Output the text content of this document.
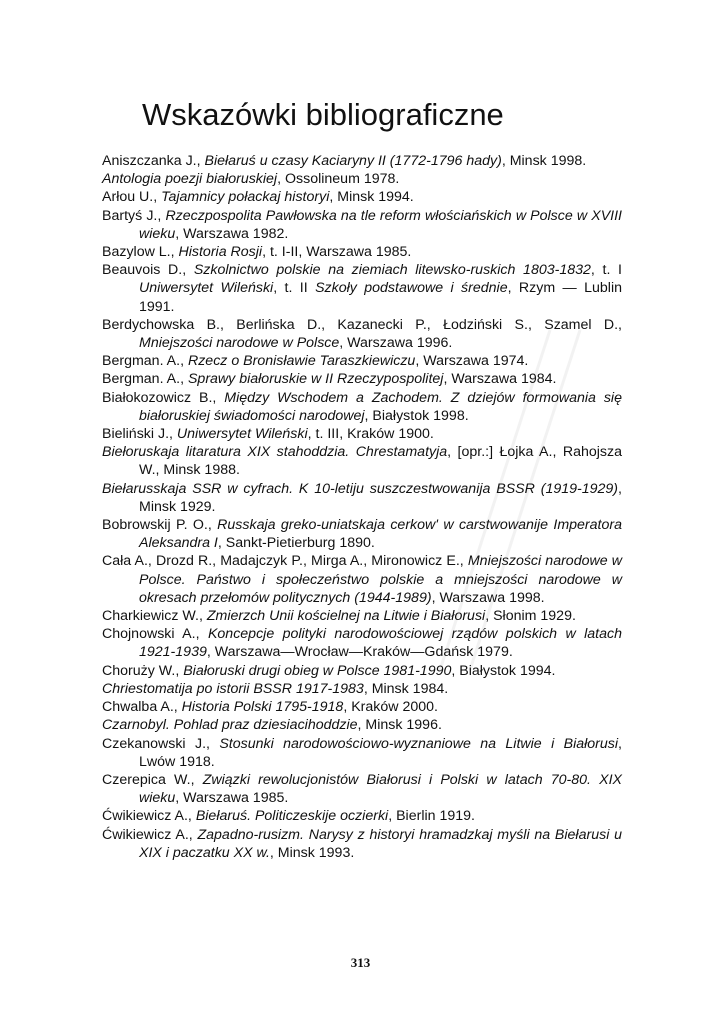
Wskazówki bibliograficzne

Aniszczanka J., Biełaruś u czasy Kaciaryny II (1772-1796 hady), Minsk 1998.

Antologia poezji białoruskiej, Ossolineum 1978.

Arłou U., Tajamnicy połackaj historyi, Minsk 1994.

Bartyś J., Rzeczpospolita Pawłowska na tle reform włościańskich w Polsce w XVIII wieku, Warszawa 1982.

Bazylow L., Historia Rosji, t. I-II, Warszawa 1985.

Beauvois D., Szkolnictwo polskie na ziemiach litewsko-ruskich 1803-1832, t. I Uniwersytet Wileński, t. II Szkoły podstawowe i średnie, Rzym — Lublin 1991.

Berdychowska B., Berlińska D., Kazanecki P., Łodziński S., Szamel D., Mniejszości narodowe w Polsce, Warszawa 1996.

Bergman. A., Rzecz o Bronisławie Taraszkiewiczu, Warszawa 1974.

Bergman. A., Sprawy białoruskie w II Rzeczypospolitej, Warszawa 1984.

Białokozowicz B., Między Wschodem a Zachodem. Z dziejów formowania się białoruskiej świadomości narodowej, Białystok 1998.

Bieliński J., Uniwersytet Wileński, t. III, Kraków 1900.

Biełoruskaja litaratura XIX stahoddzia. Chrestamatyja, [opr.:] Łojka A., Rahojsza W., Minsk 1988.

Biełarusskaja SSR w cyfrach. K 10-letiju suszczestwowanija BSSR (1919-1929), Minsk 1929.

Bobrowskij P. O., Russkaja greko-uniatskaja cerkow' w carstwowanije Imperatora Aleksandra I, Sankt-Pietierburg 1890.

Cała A., Drozd R., Madajczyk P., Mirga A., Mironowicz E., Mniejszości narodowe w Polsce. Państwo i społeczeństwo polskie a mniejszości narodowe w okresach przełomów politycznych (1944-1989), Warszawa 1998.

Charkiewicz W., Zmierzch Unii kościelnej na Litwie i Białorusi, Słonim 1929.

Chojnowski A., Koncepcje polityki narodowościowej rządów polskich w latach 1921-1939, Warszawa—Wrocław—Kraków—Gdańsk 1979.

Choruży W., Białoruski drugi obieg w Polsce 1981-1990, Białystok 1994.

Chriestomatija po istorii BSSR 1917-1983, Minsk 1984.

Chwalba A., Historia Polski 1795-1918, Kraków 2000.

Czarnobyl. Pohlad praz dziesiacihoddzie, Minsk 1996.

Czekanowski J., Stosunki narodowościowo-wyznaniowe na Litwie i Białorusi, Lwów 1918.

Czerepica W., Związki rewolucjonistów Białorusi i Polski w latach 70-80. XIX wieku, Warszawa 1985.

Ćwikiewicz A., Biełaruś. Politiczeskije oczierki, Bierlin 1919.

Ćwikiewicz A., Zapadno-rusizm. Narysy z historyi hramadzkaj myśli na Biełarusi u XIX i paczatku XX w., Minsk 1993.

313
